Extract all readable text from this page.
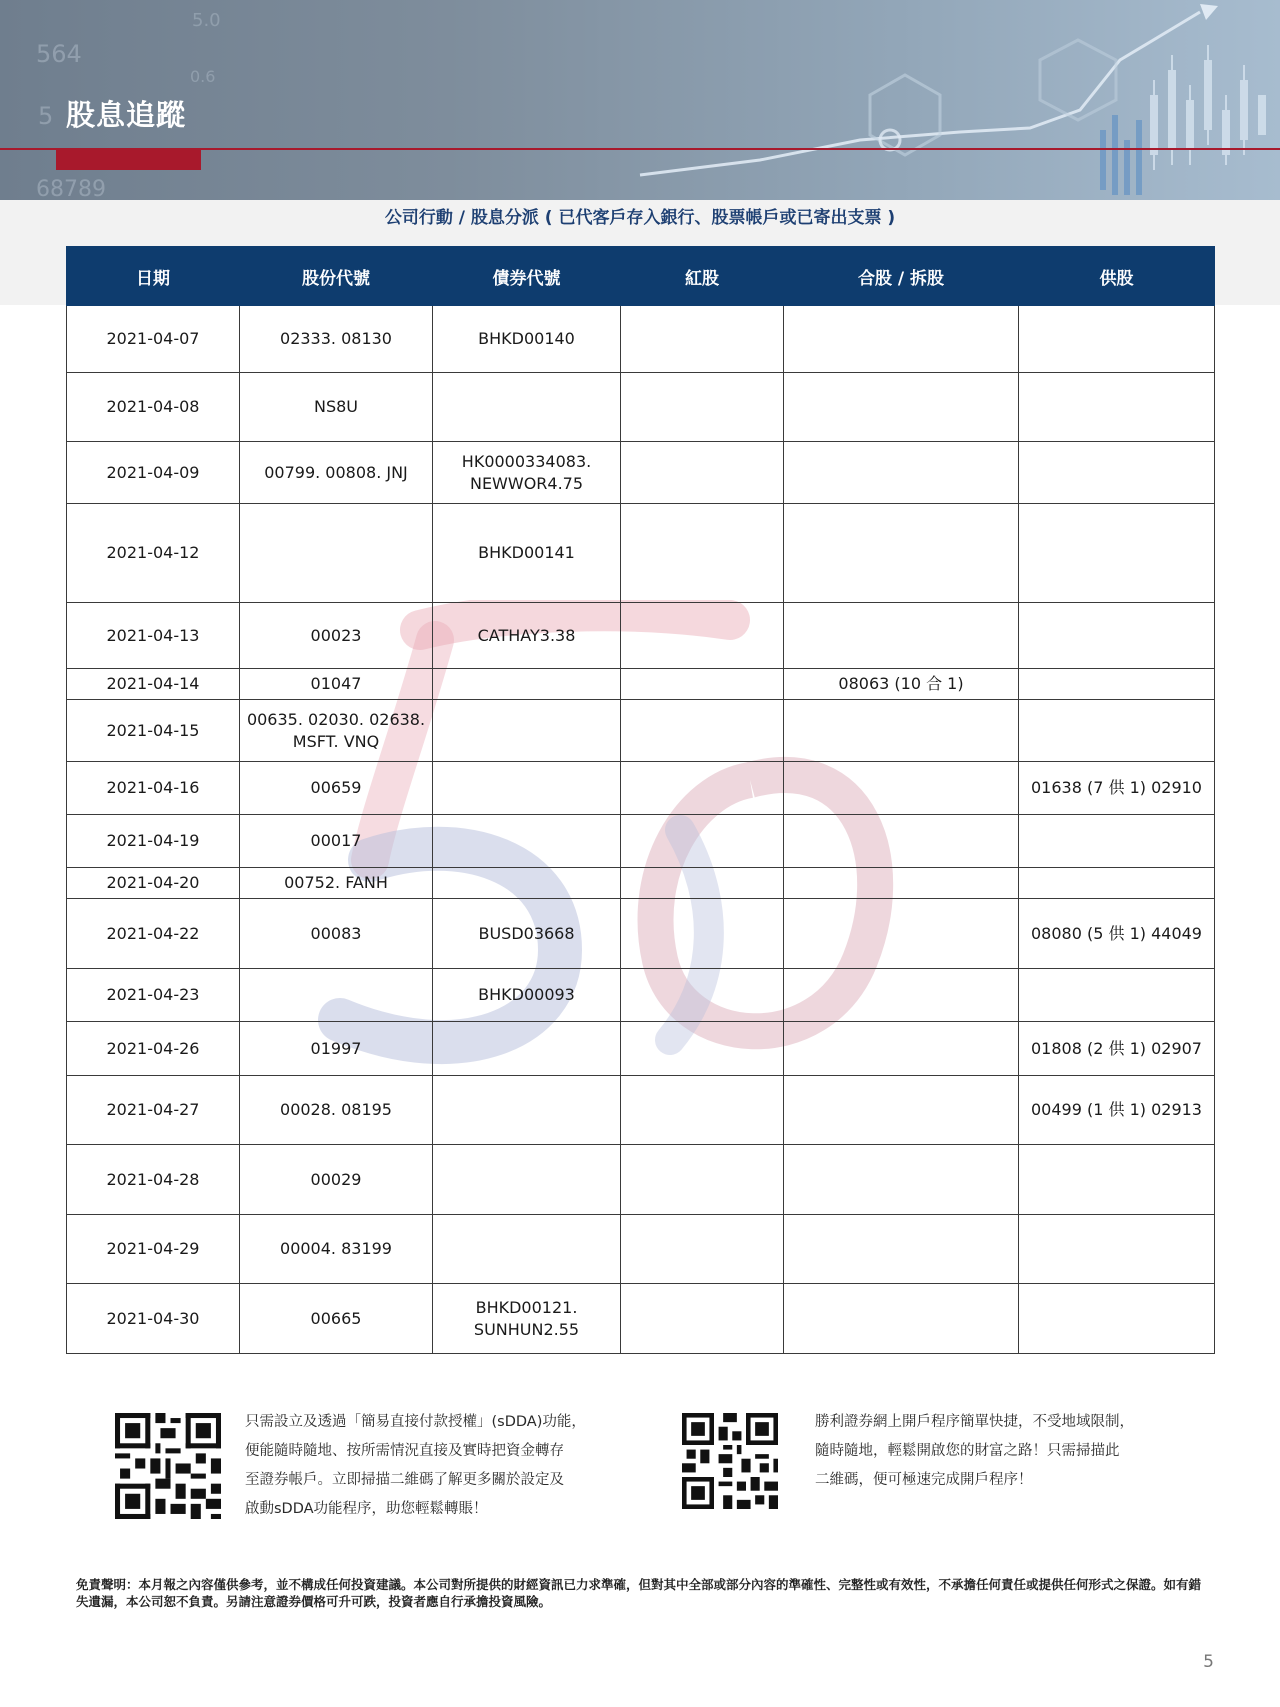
564
5
68789
5.0
0.6
股息追蹤
公司行動 / 股息分派 ( 已代客戶存入銀行、股票帳戶或已寄出支票 )
日期	股份代號	債券代號	紅股	合股 / 拆股	供股
2021-04-07	02333. 08130	BHKD00140			
2021-04-08	NS8U				
2021-04-09	00799. 00808. JNJ	HK0000334083.
NEWWOR4.75			

2021-04-12		BHKD00141			
2021-04-13	00023	CATHAY3.38			
2021-04-14	01047			08063 (10 合 1)	
2021-04-15	00635. 02030. 02638.
MSFT. VNQ				

2021-04-16	00659				01638 (7 供 1) 02910
2021-04-19	00017				
2021-04-20	00752. FANH				
2021-04-22	00083	BUSD03668			08080 (5 供 1) 44049
2021-04-23		BHKD00093			
2021-04-26	01997				01808 (2 供 1) 02907
2021-04-27	00028. 08195				00499 (1 供 1) 02913
2021-04-28	00029				
2021-04-29	00004. 83199				
2021-04-30	00665	BHKD00121.
SUNHUN2.55			

只需設立及透過「簡易直接付款授權」(sDDA)功能，
便能隨時隨地、按所需情況直接及實時把資金轉存
至證券帳戶。立即掃描二維碼了解更多關於設定及
啟動sDDA功能程序，助您輕鬆轉賬！
勝利證券網上開戶程序簡單快捷，不受地域限制，
隨時隨地，輕鬆開啟您的財富之路！只需掃描此
二維碼，便可極速完成開戶程序！
免責聲明：本月報之內容僅供參考，並不構成任何投資建議。本公司對所提供的財經資訊已力求準確，但對其中全部或部分內容的準確性、完整性或有效性，不承擔任何責任或提供任何形式之保證。如有錯失遺漏，本公司恕不負責。另請注意證券價格可升可跌，投資者應自行承擔投資風險。
5
